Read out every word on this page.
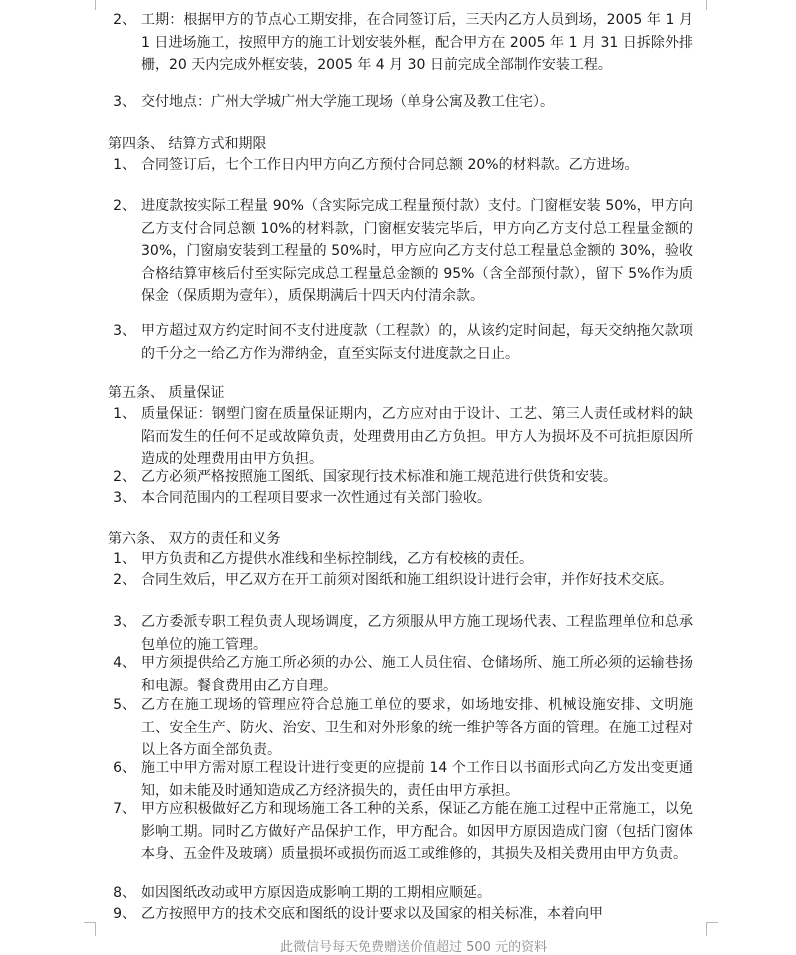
2、 工期：根据甲方的节点心工期安排，在合同签订后，三天内乙方人员到场，2005 年 1 月 1 日进场施工，按照甲方的施工计划安装外框，配合甲方在 2005 年 1 月 31 日拆除外排栅，20 天内完成外框安装，2005 年 4 月 30 日前完成全部制作安装工程。
3、 交付地点：广州大学城广州大学施工现场（单身公寓及教工住宅）。
第四条、 结算方式和期限
1、 合同签订后，七个工作日内甲方向乙方预付合同总额 20%的材料款。乙方进场。
2、 进度款按实际工程量 90%（含实际完成工程量预付款）支付。门窗框安装 50%，甲方向乙方支付合同总额 10%的材料款，门窗框安装完毕后，甲方向乙方支付总工程量金额的 30%，门窗扇安装到工程量的 50%时，甲方应向乙方支付总工程量总金额的 30%，验收合格结算审核后付至实际完成总工程量总金额的 95%（含全部预付款），留下 5%作为质保金（保质期为壹年），质保期满后十四天内付清余款。
3、 甲方超过双方约定时间不支付进度款（工程款）的，从该约定时间起，每天交纳拖欠款项的千分之一给乙方作为滞纳金，直至实际支付进度款之日止。
第五条、 质量保证
1、 质量保证：钢塑门窗在质量保证期内，乙方应对由于设计、工艺、第三人责任或材料的缺陷而发生的任何不足或故障负责，处理费用由乙方负担。甲方人为损坏及不可抗拒原因所造成的处理费用由甲方负担。
2、 乙方必须严格按照施工图纸、国家现行技术标准和施工规范进行供货和安装。
3、 本合同范围内的工程项目要求一次性通过有关部门验收。
第六条、 双方的责任和义务
1、 甲方负责和乙方提供水准线和坐标控制线，乙方有校核的责任。
2、 合同生效后，甲乙双方在开工前须对图纸和施工组织设计进行会审，并作好技术交底。
3、 乙方委派专职工程负责人现场调度，乙方须服从甲方施工现场代表、工程监理单位和总承包单位的施工管理。
4、 甲方须提供给乙方施工所必须的办公、施工人员住宿、仓储场所、施工所必须的运输巷扬和电源。餐食费用由乙方自理。
5、 乙方在施工现场的管理应符合总施工单位的要求，如场地安排、机械设施安排、文明施工、安全生产、防火、治安、卫生和对外形象的统一维护等各方面的管理。在施工过程对以上各方面全部负责。
6、 施工中甲方需对原工程设计进行变更的应提前 14 个工作日以书面形式向乙方发出变更通知，如未能及时通知造成乙方经济损失的，责任由甲方承担。
7、 甲方应积极做好乙方和现场施工各工种的关系，保证乙方能在施工过程中正常施工，以免影响工期。同时乙方做好产品保护工作，甲方配合。如因甲方原因造成门窗（包括门窗体本身、五金件及玻璃）质量损坏或损伤而返工或维修的，其损失及相关费用由甲方负责。
8、 如因图纸改动或甲方原因造成影响工期的工期相应顺延。
9、 乙方按照甲方的技术交底和图纸的设计要求以及国家的相关标准，本着向甲
此微信号每天免费赠送价值超过 500 元的资料
